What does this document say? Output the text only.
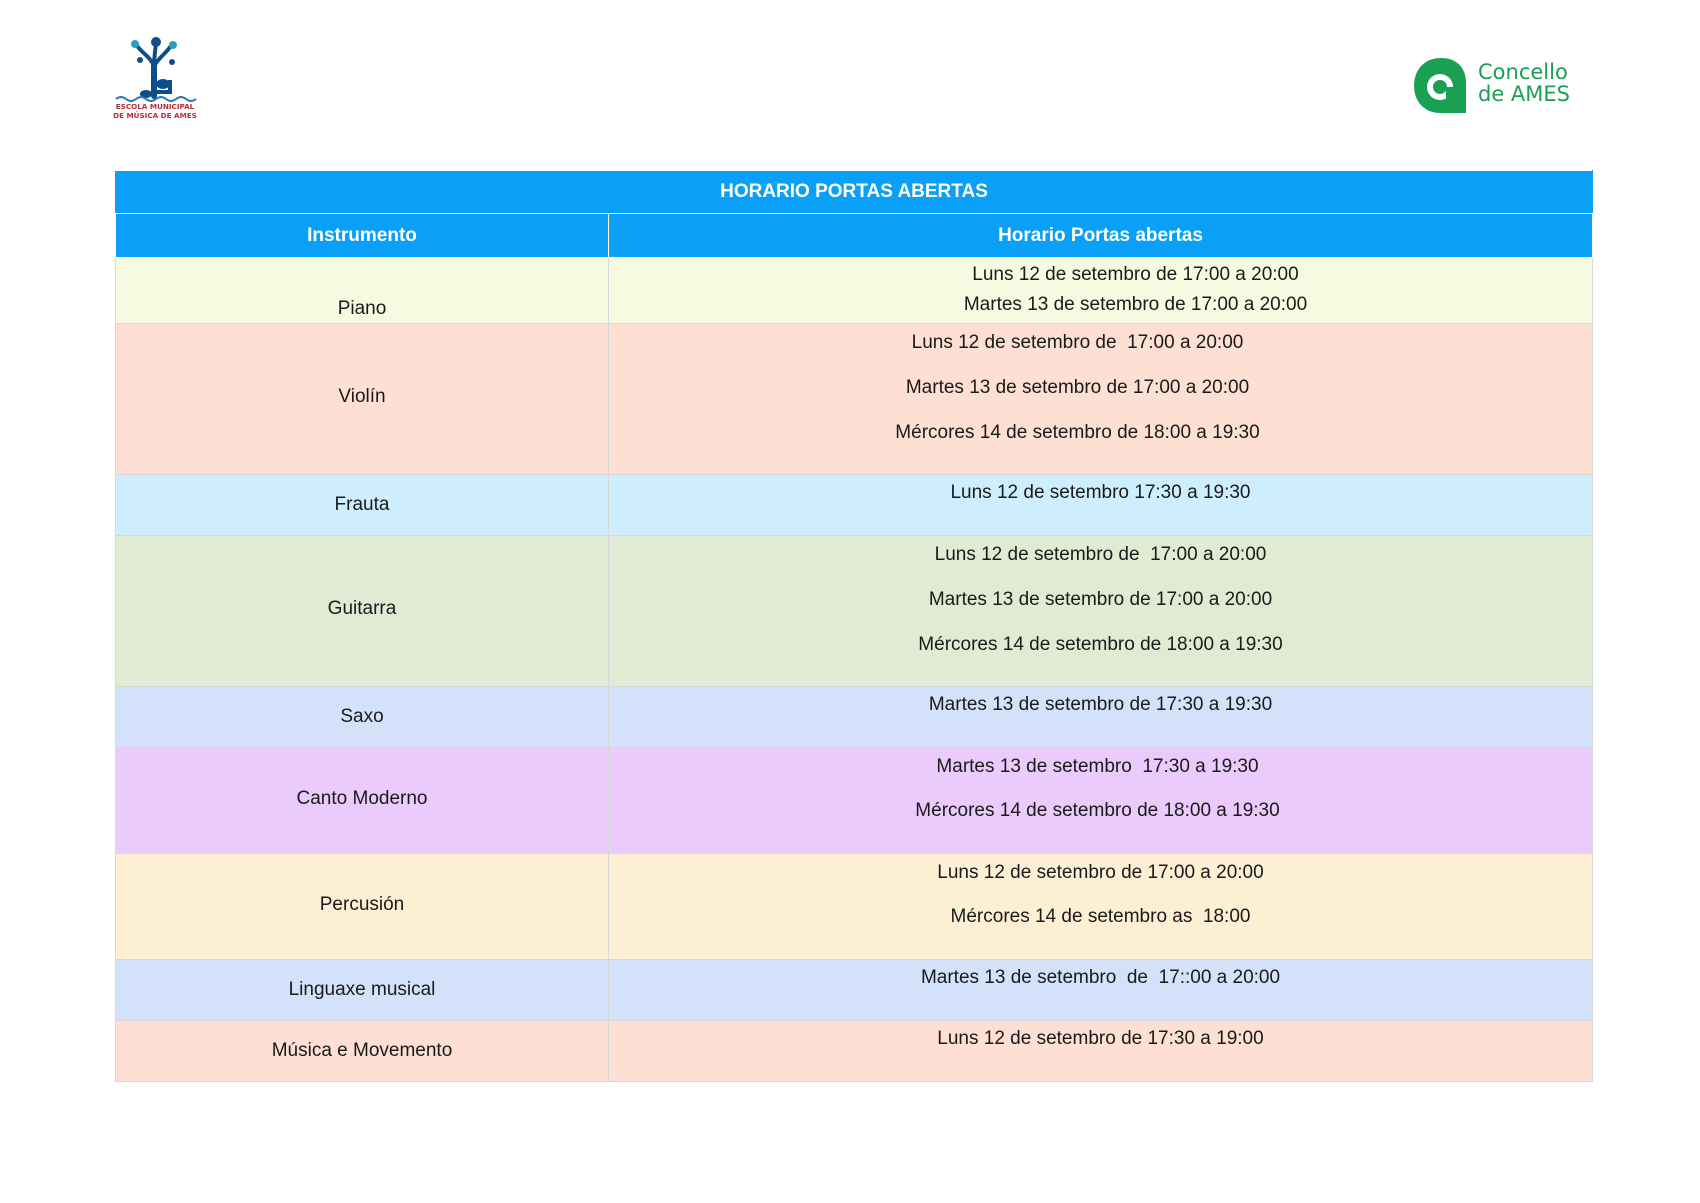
ESCOLA MUNICIPAL
DE MÚSICA DE AMES
Concello
de AMES
HORARIO PORTAS ABERTAS	
Instrumento	Horario Portas abertas

Piano	Luns 12 de setembro de 17:00 a 20:00
Martes 13 de setembro de 17:00 a 20:00

Violín	Luns 12 de setembro de  17:00 a 20:00
Martes 13 de setembro de 17:00 a 20:00
Mércores 14 de setembro de 18:00 a 19:30

Frauta	Luns 12 de setembro 17:30 a 19:30

Guitarra	Luns 12 de setembro de  17:00 a 20:00
Martes 13 de setembro de 17:00 a 20:00
Mércores 14 de setembro de 18:00 a 19:30

Saxo	Martes 13 de setembro de 17:30 a 19:30

Canto Moderno	Martes 13 de setembro  17:30 a 19:30
Mércores 14 de setembro de 18:00 a 19:30

Percusión	Luns 12 de setembro de 17:00 a 20:00
Mércores 14 de setembro as  18:00

Linguaxe musical	Martes 13 de setembro  de  17::00 a 20:00

Música e Movemento	Luns 12 de setembro de 17:30 a 19:00
